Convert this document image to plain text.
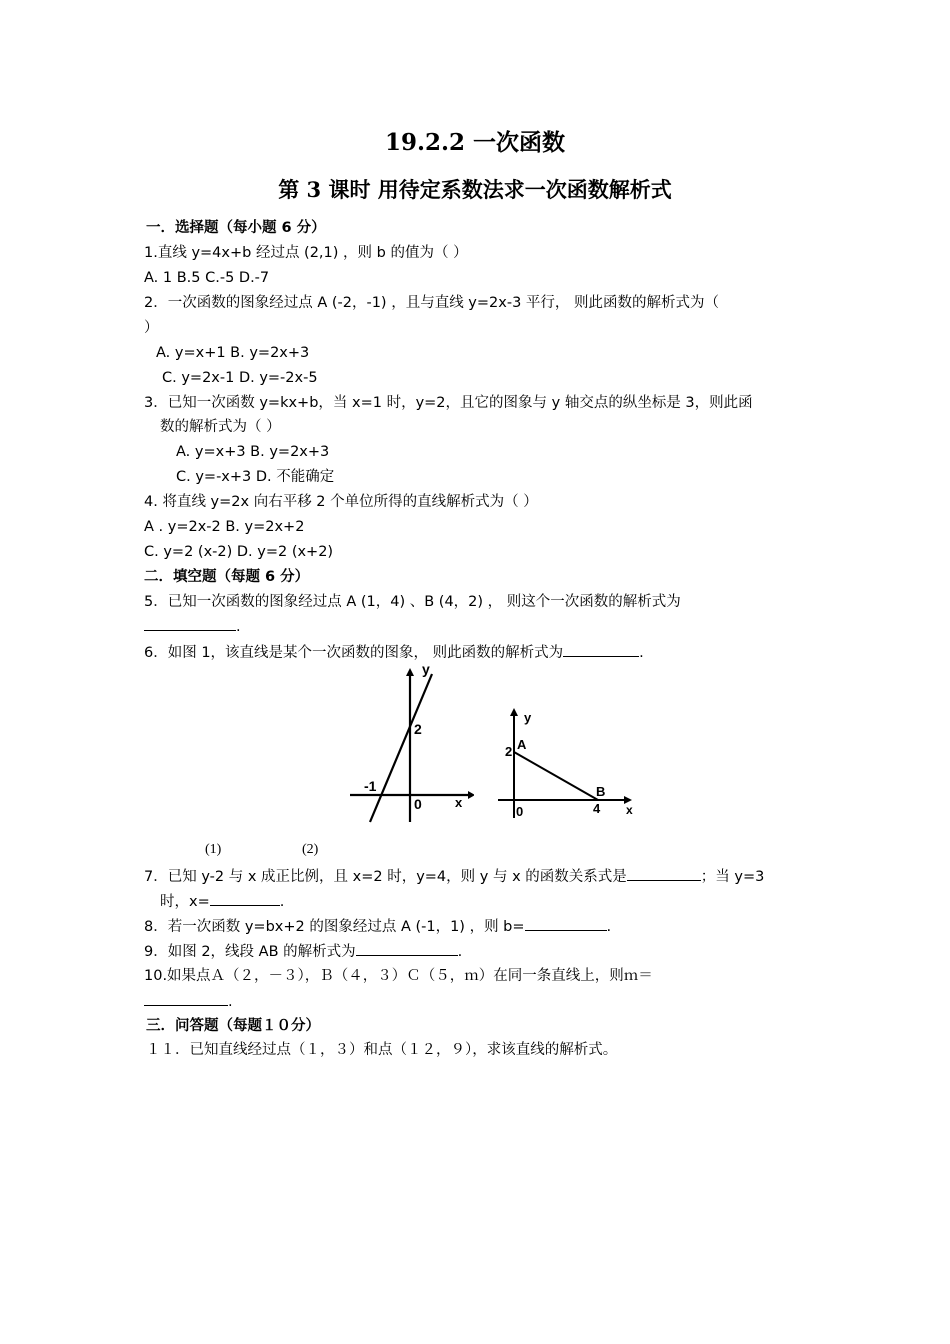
19.2.2 一次函数
第 3 课时 用待定系数法求一次函数解析式
一．选择题（每小题 6 分）
1.直线 y=4x+b 经过点 (2,1) ，则 b 的值为（ ）
A. 1 B.5 C.-5 D.-7
2．一次函数的图象经过点 A (-2，-1) ，且与直线 y=2x-3 平行， 则此函数的解析式为（
）
A. y=x+1 B. y=2x+3
C. y=2x-1 D. y=-2x-5
3．已知一次函数 y=kx+b，当 x=1 时，y=2，且它的图象与 y 轴交点的纵坐标是 3，则此函
数的解析式为（ ）
A. y=x+3 B. y=2x+3
C. y=-x+3 D. 不能确定
4. 将直线 y=2x 向右平移 2 个单位所得的直线解析式为（ ）
A . y=2x-2 B. y=2x+2
C. y=2 (x-2) D. y=2 (x+2)
二．填空题（每题 6 分）
5．已知一次函数的图象经过点 A (1，4) 、B (4，2) ， 则这个一次函数的解析式为
.
6．如图 1，该直线是某个一次函数的图象， 则此函数的解析式为	.
y
x
0
2
-1
y
x
0
A
2
B
4
(1)	(2)
7．已知 y-2 与 x 成正比例，且 x=2 时，y=4，则 y 与 x 的函数关系式是	；当 y=3
时，x=	.
8．若一次函数 y=bx+2 的图象经过点 A (-1，1) ，则 b=	.
9．如图 2，线段 AB 的解析式为	.
10.如果点Ａ（２，－３），Ｂ（４，３）Ｃ（５，ｍ）在同一条直线上，则ｍ＝
.
三．问答题（每题１０分）
１１．已知直线经过点（１，３）和点（１２，９），求该直线的解析式。
